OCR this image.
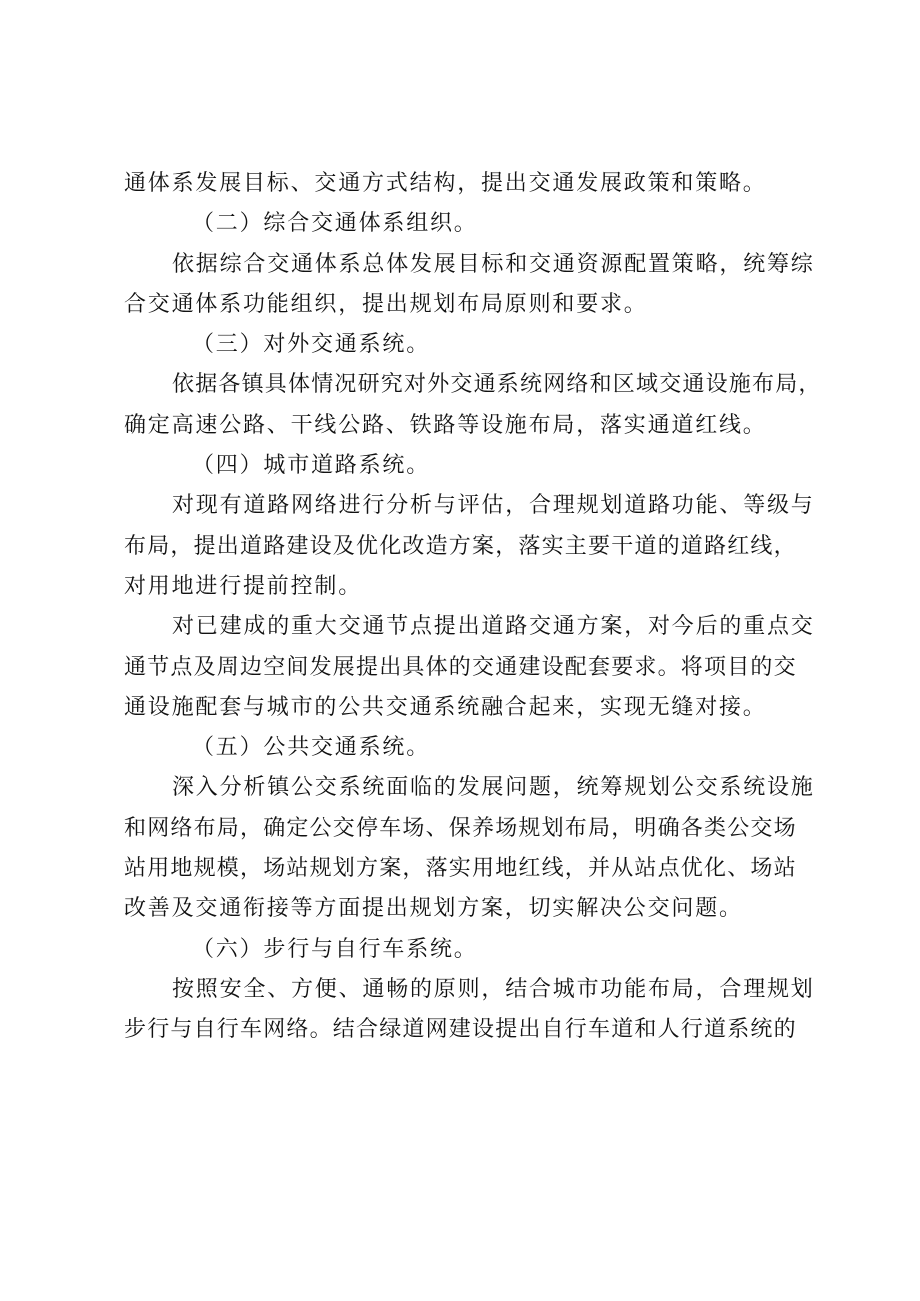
通体系发展目标、交通方式结构，提出交通发展政策和策略。
（二）综合交通体系组织。
依据综合交通体系总体发展目标和交通资源配置策略，统筹综
合交通体系功能组织，提出规划布局原则和要求。
（三）对外交通系统。
依据各镇具体情况研究对外交通系统网络和区域交通设施布局，
确定高速公路、干线公路、铁路等设施布局，落实通道红线。
（四）城市道路系统。
对现有道路网络进行分析与评估，合理规划道路功能、等级与
布局，提出道路建设及优化改造方案，落实主要干道的道路红线，
对用地进行提前控制。
对已建成的重大交通节点提出道路交通方案，对今后的重点交
通节点及周边空间发展提出具体的交通建设配套要求。将项目的交
通设施配套与城市的公共交通系统融合起来，实现无缝对接。
（五）公共交通系统。
深入分析镇公交系统面临的发展问题，统筹规划公交系统设施
和网络布局，确定公交停车场、保养场规划布局，明确各类公交场
站用地规模，场站规划方案，落实用地红线，并从站点优化、场站
改善及交通衔接等方面提出规划方案，切实解决公交问题。
（六）步行与自行车系统。
按照安全、方便、通畅的原则，结合城市功能布局，合理规划
步行与自行车网络。结合绿道网建设提出自行车道和人行道系统的
